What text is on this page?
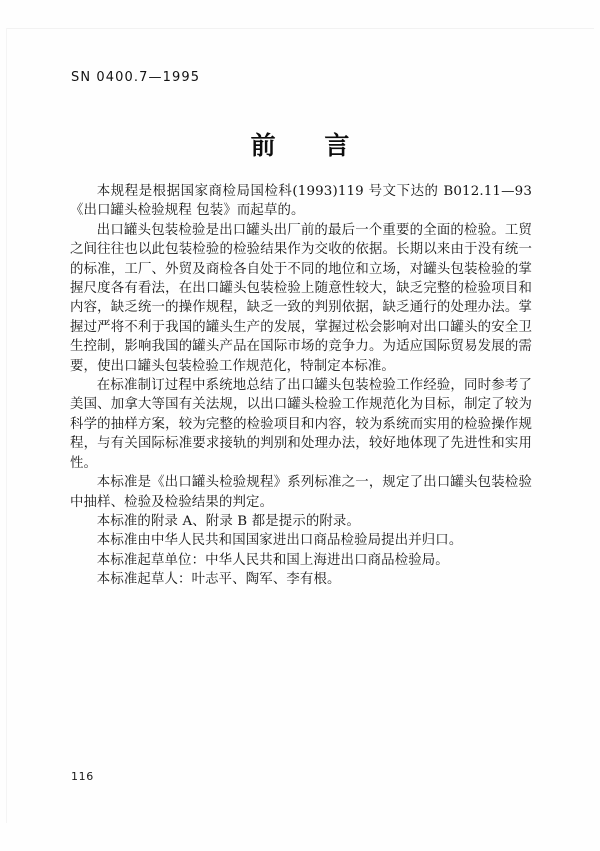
SN 0400.7—1995
前 言

本规程是根据国家商检局国检科(1993)119 号文下达的 B012.11—93《出口罐头检验规程 包装》而起草的。

出口罐头包装检验是出口罐头出厂前的最后一个重要的全面的检验。工贸之间往往也以此包装检验的检验结果作为交收的依据。长期以来由于没有统一的标准，工厂、外贸及商检各自处于不同的地位和立场，对罐头包装检验的掌握尺度各有看法，在出口罐头包装检验上随意性较大，缺乏完整的检验项目和内容，缺乏统一的操作规程，缺乏一致的判别依据，缺乏通行的处理办法。掌握过严将不利于我国的罐头生产的发展，掌握过松会影响对出口罐头的安全卫生控制，影响我国的罐头产品在国际市场的竞争力。为适应国际贸易发展的需要，使出口罐头包装检验工作规范化，特制定本标准。

在标准制订过程中系统地总结了出口罐头包装检验工作经验，同时参考了美国、加拿大等国有关法规，以出口罐头检验工作规范化为目标，制定了较为科学的抽样方案，较为完整的检验项目和内容，较为系统而实用的检验操作规程，与有关国际标准要求接轨的判别和处理办法，较好地体现了先进性和实用性。

本标准是《出口罐头检验规程》系列标准之一，规定了出口罐头包装检验中抽样、检验及检验结果的判定。

本标准的附录 A、附录 B 都是提示的附录。

本标准由中华人民共和国国家进出口商品检验局提出并归口。

本标准起草单位：中华人民共和国上海进出口商品检验局。

本标准起草人：叶志平、陶军、李有根。

116
